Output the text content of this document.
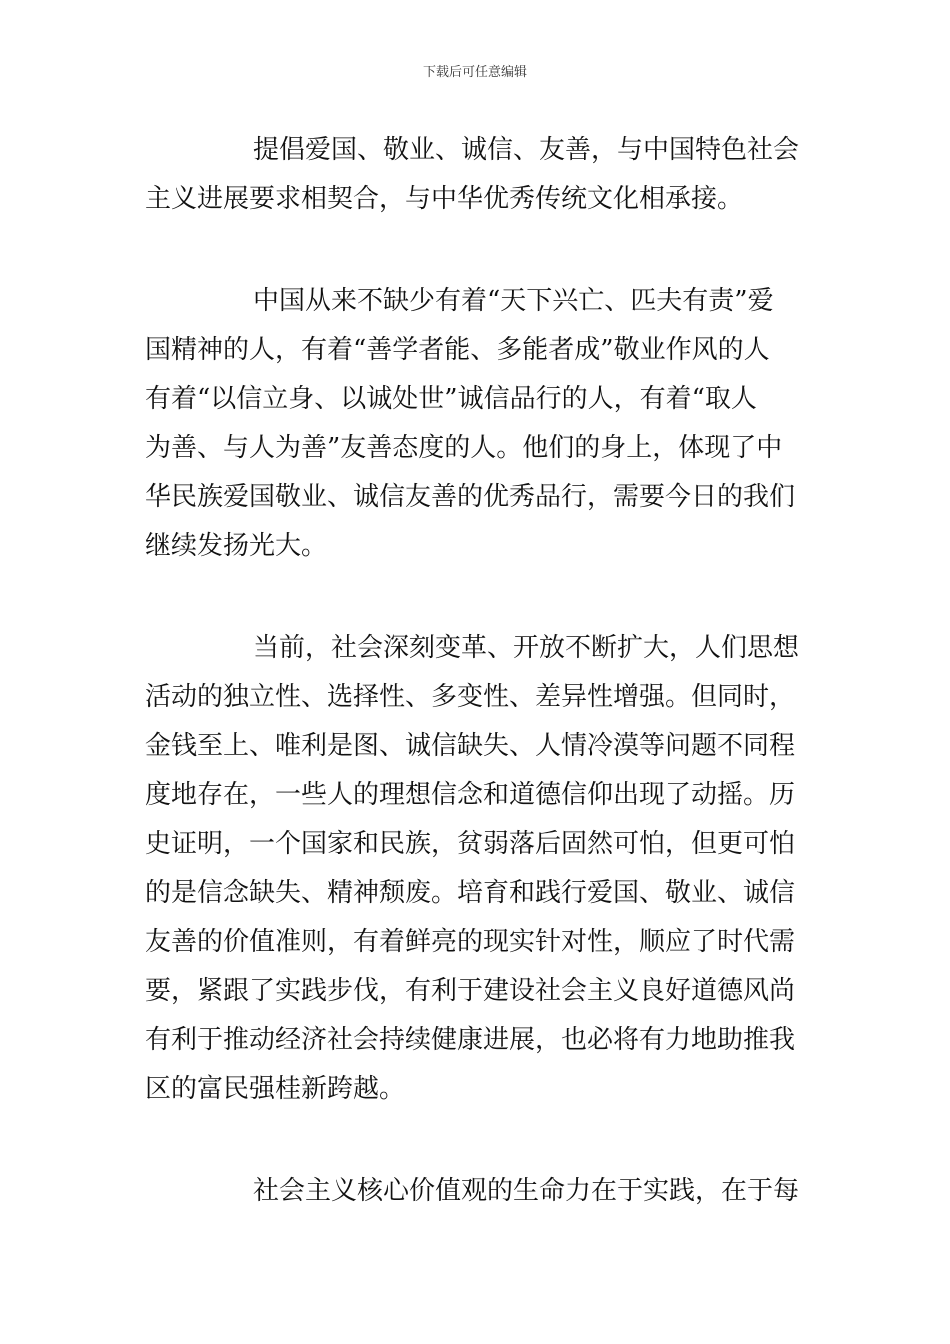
下载后可任意编辑
提倡爱国、敬业、诚信、友善，与中国特色社会
主义进展要求相契合，与中华优秀传统文化相承接。
中国从来不缺少有着“天下兴亡、匹夫有责”爱
国精神的人，有着“善学者能、多能者成”敬业作风的人
有着“以信立身、以诚处世”诚信品行的人，有着“取人
为善、与人为善”友善态度的人。他们的身上，体现了中
华民族爱国敬业、诚信友善的优秀品行，需要今日的我们
继续发扬光大。
当前，社会深刻变革、开放不断扩大，人们思想
活动的独立性、选择性、多变性、差异性增强。但同时，
金钱至上、唯利是图、诚信缺失、人情冷漠等问题不同程
度地存在，一些人的理想信念和道德信仰出现了动摇。历
史证明，一个国家和民族，贫弱落后固然可怕，但更可怕
的是信念缺失、精神颓废。培育和践行爱国、敬业、诚信
友善的价值准则，有着鲜亮的现实针对性，顺应了时代需
要，紧跟了实践步伐，有利于建设社会主义良好道德风尚
有利于推动经济社会持续健康进展，也必将有力地助推我
区的富民强桂新跨越。
社会主义核心价值观的生命力在于实践，在于每
